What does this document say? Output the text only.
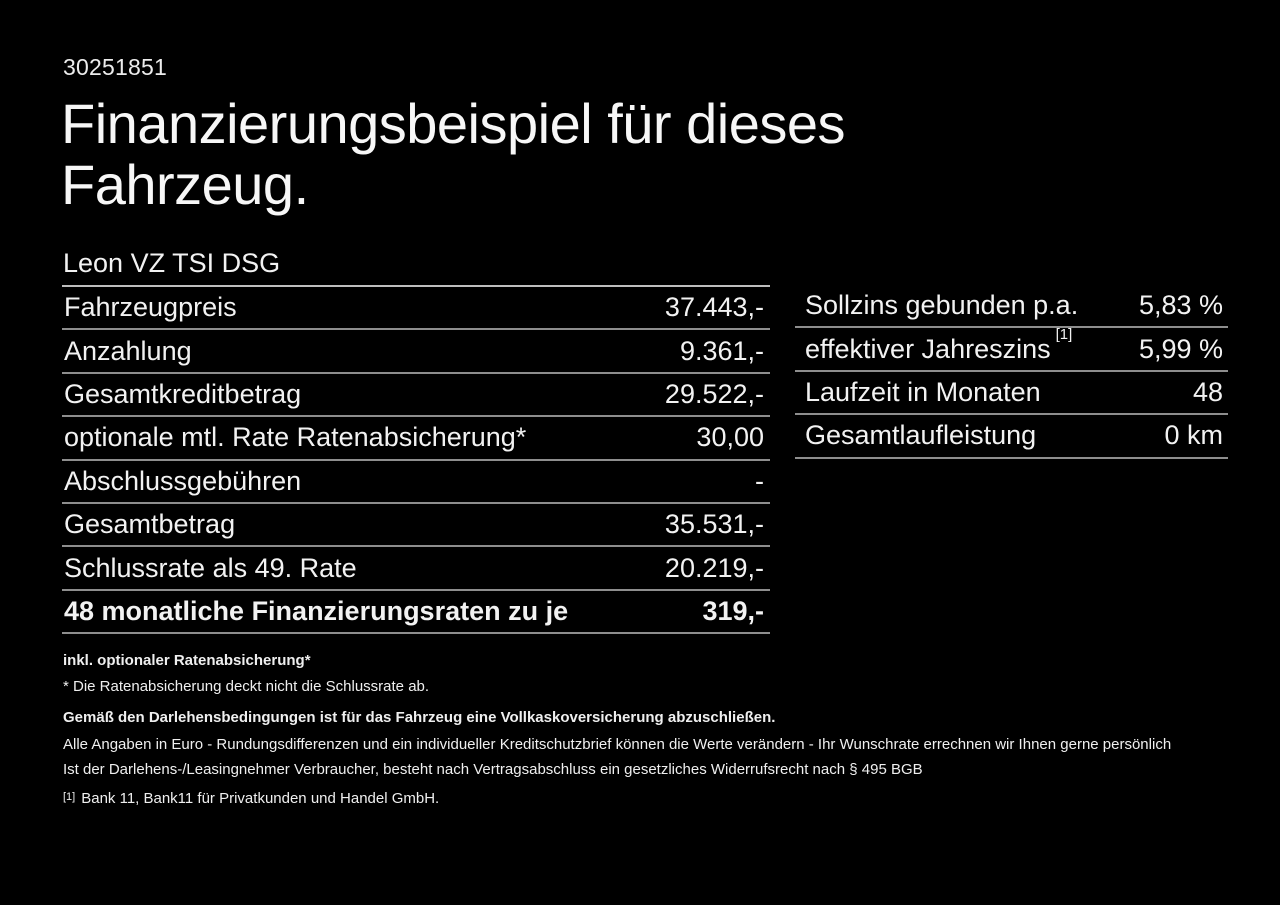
30251851
Finanzierungsbeispiel für dieses Fahrzeug.
Leon VZ TSI DSG
Fahrzeugpreis	37.443,-
Anzahlung	9.361,-
Gesamtkreditbetrag	29.522,-
optionale mtl. Rate Ratenabsicherung*	30,00
Abschlussgebühren	-
Gesamtbetrag	35.531,-
Schlussrate als 49. Rate	20.219,-
48 monatliche Finanzierungsraten zu je	319,-
Sollzins gebunden p.a. 5,83 %
effektiver Jahreszins [1] 5,99 %
Laufzeit in Monaten	48
Gesamtlaufleistung	0 km
inkl. optionaler Ratenabsicherung*
* Die Ratenabsicherung deckt nicht die Schlussrate ab.
Gemäß den Darlehensbedingungen ist für das Fahrzeug eine Vollkaskoversicherung abzuschließen.
Alle Angaben in Euro - Rundungsdifferenzen und ein individueller Kreditschutzbrief können die Werte verändern - Ihr Wunschrate errechnen wir Ihnen gerne persönlich
Ist der Darlehens-/Leasingnehmer Verbraucher, besteht nach Vertragsabschluss ein gesetzliches Widerrufsrecht nach § 495 BGB
[1] Bank 11, Bank11 für Privatkunden und Handel GmbH.
